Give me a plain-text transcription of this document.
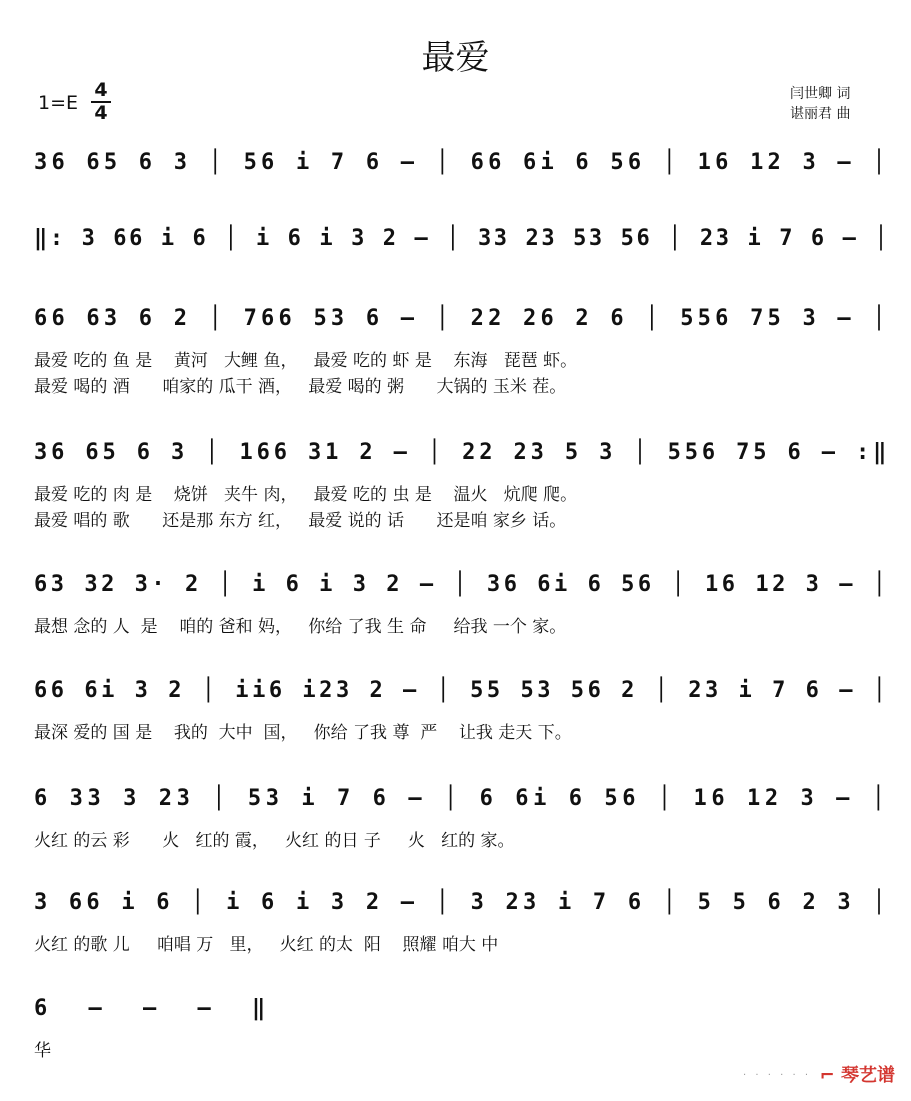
最爱
1=E
4
4
闫世卿 词
谌丽君 曲
36 65 6 3 │ 56 i 7 6 – │ 66 6i 6 56 │ 16 12 3 – │
‖: 3 66 i 6 │ i 6 i 3 2 – │ 33 23 53 56 │ 23 i 7 6 – │
66 63 6 2 │ 766 53 6 – │ 22 26 2 6 │ 556 75 3 – │
最爱 吃的 鱼 是    黄河   大鲤 鱼，   最爱 吃的 虾 是    东海   琵琶 虾。
最爱 喝的 酒      咱家的 瓜干 酒，   最爱 喝的 粥      大锅的 玉米 茬。
36 65 6 3 │ 166 31 2 – │ 22 23 5 3 │ 556 75 6 – :‖
最爱 吃的 肉 是    烧饼   夹牛 肉，   最爱 吃的 虫 是    温火   炕爬 爬。
最爱 唱的 歌      还是那 东方 红，   最爱 说的 话      还是咱 家乡 话。
63 32 3· 2 │ i 6 i 3 2 – │ 36 6i 6 56 │ 16 12 3 – │
最想 念的 人  是    咱的 爸和 妈，   你给 了我 生 命     给我 一个 家。
66 6i 3 2 │ ii6 i23 2 – │ 55 53 56 2 │ 23 i 7 6 – │
最深 爱的 国 是    我的  大中  国，   你给 了我 尊  严    让我 走天 下。
6 33 3 23 │ 53 i 7 6 – │ 6 6i 6 56 │ 16 12 3 – │
火红 的云 彩      火   红的 霞，   火红 的日 子     火   红的 家。
3 66 i 6 │ i 6 i 3 2 – │ 3 23 i 7 6 │ 5 5 6 2 3 │
火红 的歌 儿     咱唱 万   里，   火红 的太  阳    照耀 咱大 中
6 – – – ‖
华
· · · · · · ⌐ 琴艺谱
